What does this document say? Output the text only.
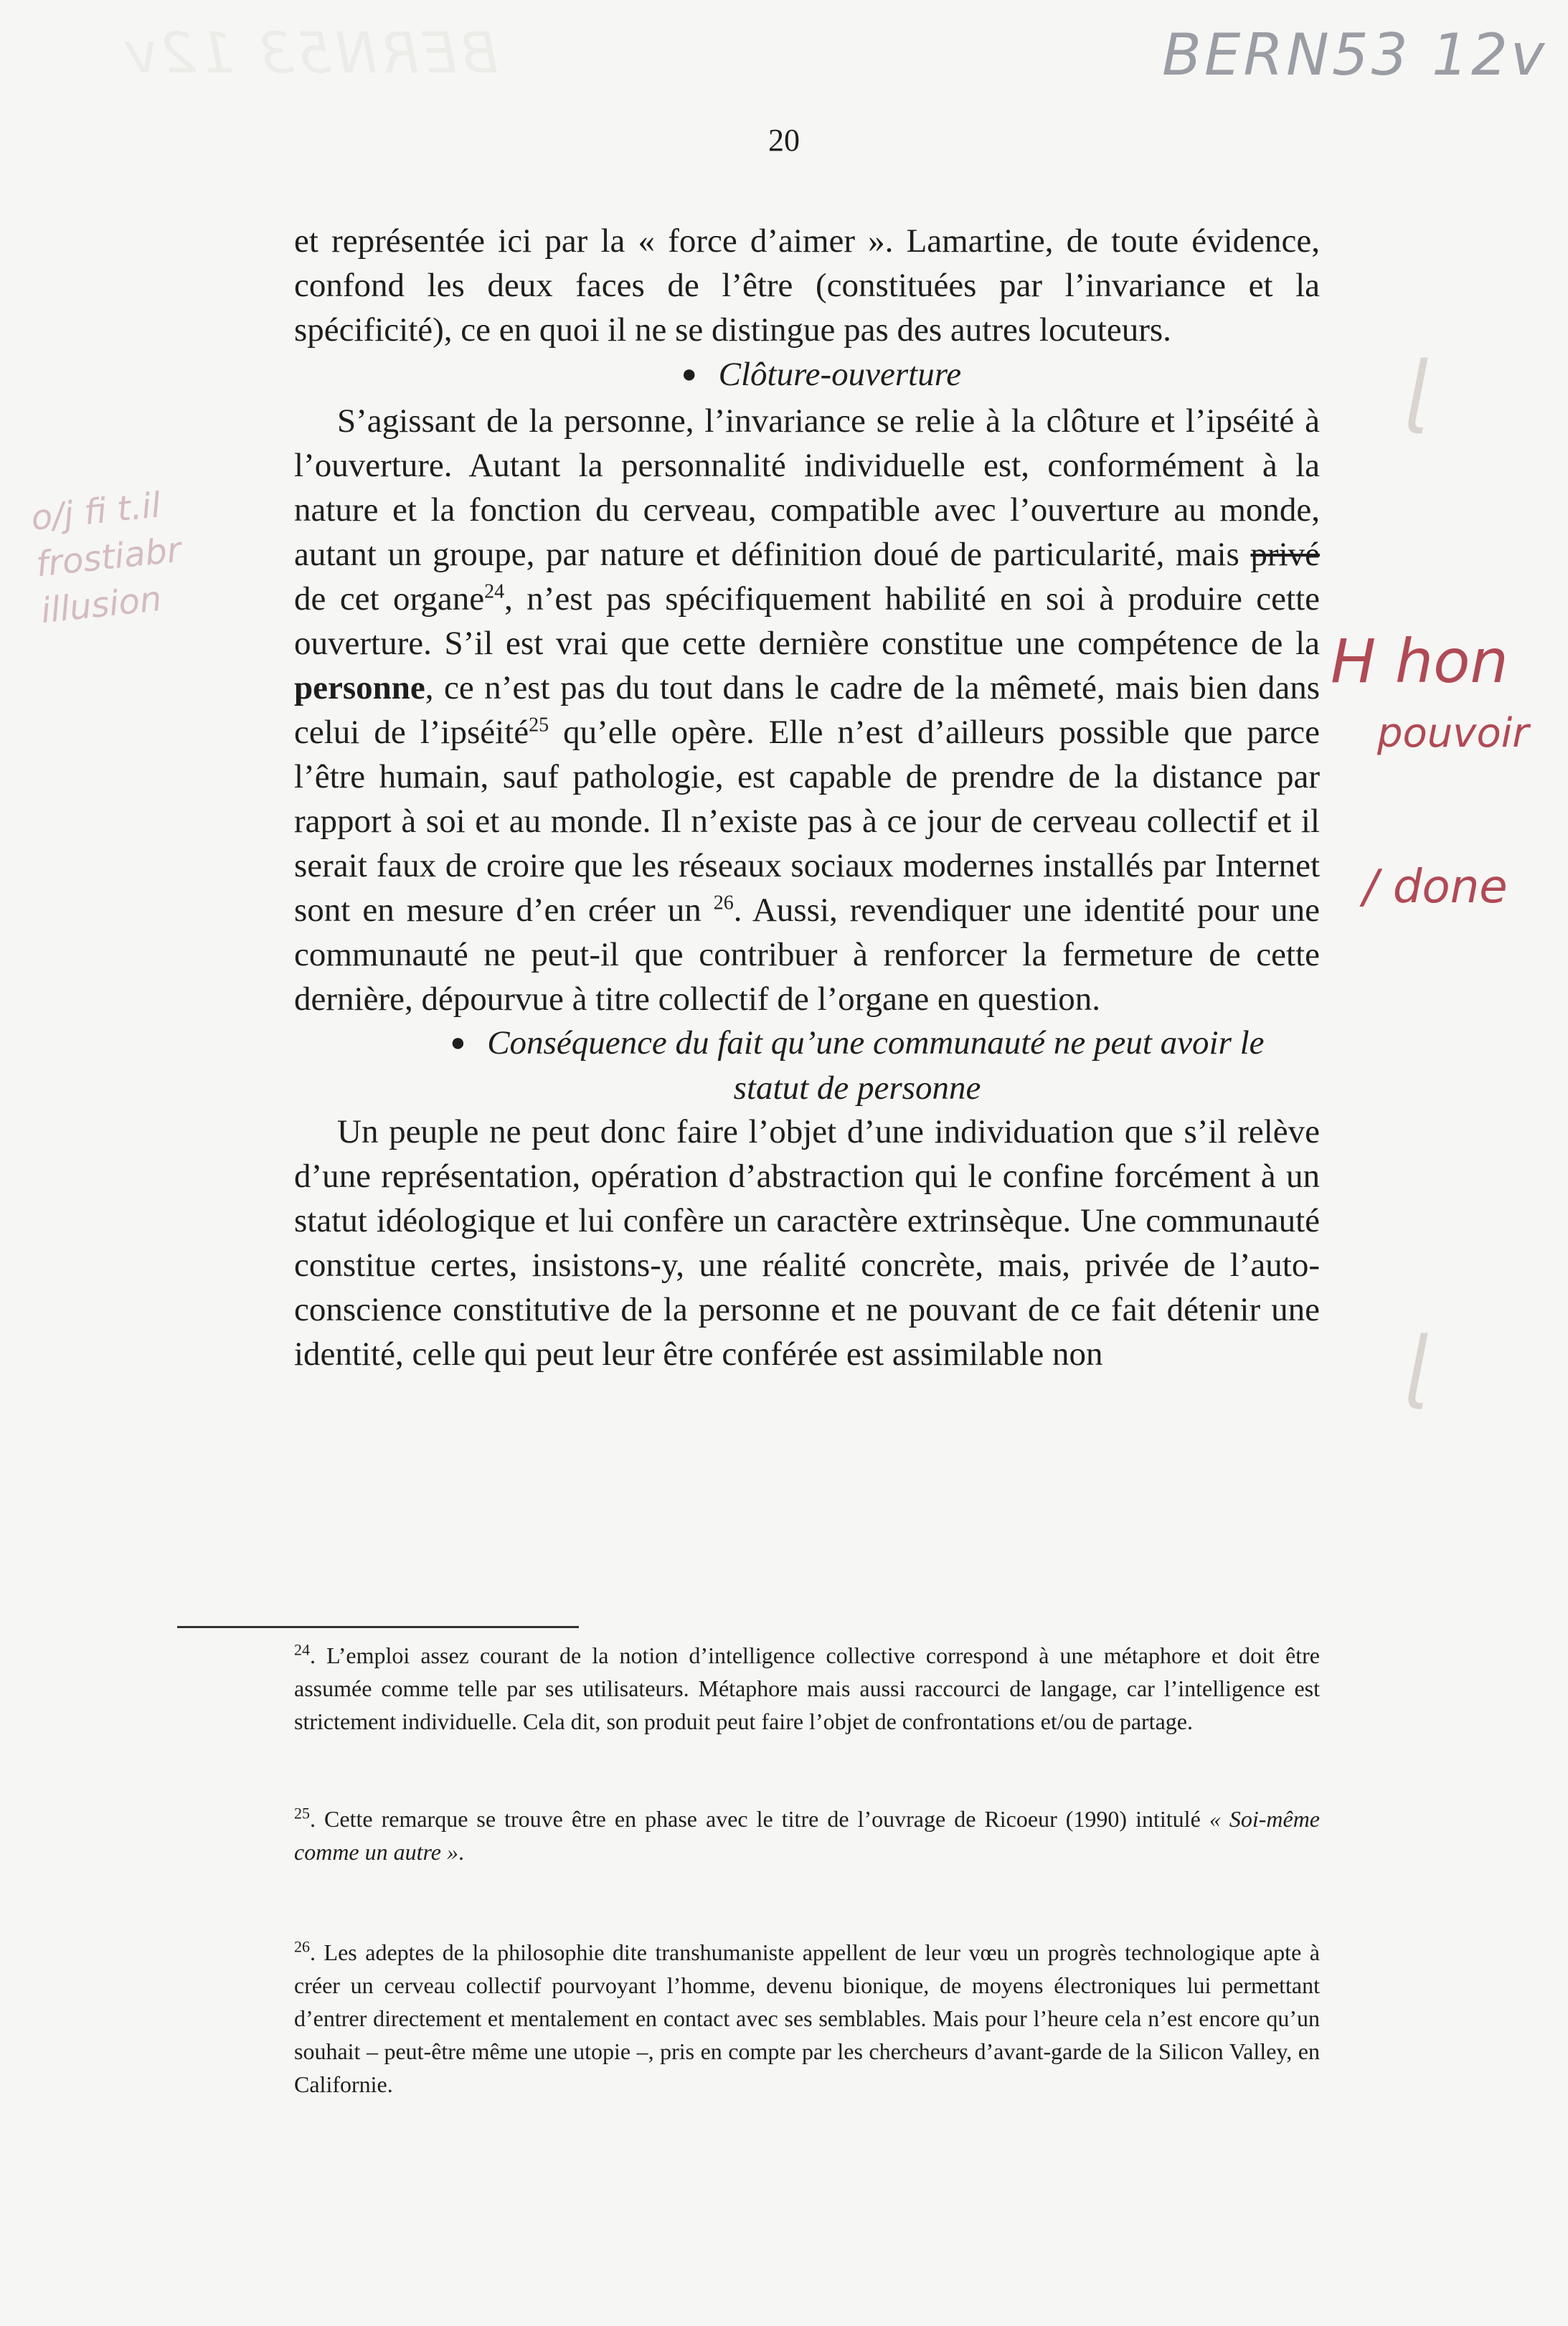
BERN53 12v	BERN53 12v
20
o/j fi t.il
frostiabr
illusion
ɭ
ɭ
H hon
pouvoir
/ done

et représentée ici par la « force d’aimer ». Lamartine, de toute évidence, confond les deux faces de l’être (constituées par l’invariance et la spécificité), ce en quoi il ne se distingue pas des autres locuteurs.

● Clôture-ouverture

S’agissant de la personne, l’invariance se relie à la clôture et l’ipséité à l’ouverture. Autant la personnalité individuelle est, conformément à la nature et la fonction du cerveau, compatible avec l’ouverture au monde, autant un groupe, par nature et définition doué de particularité, mais privé de cet organe$^{24}$, n’est pas spécifiquement habilité en soi à produire cette ouverture. S’il est vrai que cette dernière constitue une compétence de la personne, ce n’est pas du tout dans le cadre de la mêmeté, mais bien dans celui de l’ipséité$^{25}$ qu’elle opère. Elle n’est d’ailleurs possible que parce l’être humain, sauf pathologie, est capable de prendre de la distance par rapport à soi et au monde. Il n’existe pas à ce jour de cerveau collectif et il serait faux de croire que les réseaux sociaux modernes installés par Internet sont en mesure d’en créer un $^{26}$. Aussi, revendiquer une identité pour une communauté ne peut-il que contribuer à renforcer la fermeture de cette dernière, dépourvue à titre collectif de l’organe en question.

● Conséquence du fait qu’une communauté ne peut avoir le statut de personne

Un peuple ne peut donc faire l’objet d’une individuation que s’il relève d’une représentation, opération d’abstraction qui le confine forcément à un statut idéologique et lui confère un caractère extrinsèque. Une communauté constitue certes, insistons-y, une réalité concrète, mais, privée de l’auto-conscience constitutive de la personne et ne pouvant de ce fait détenir une identité, celle qui peut leur être conférée est assimilable non

$^{24}$. L’emploi assez courant de la notion d’intelligence collective correspond à une métaphore et doit être assumée comme telle par ses utilisateurs. Métaphore mais aussi raccourci de langage, car l’intelligence est strictement individuelle. Cela dit, son produit peut faire l’objet de confrontations et/ou de partage.

$^{25}$. Cette remarque se trouve être en phase avec le titre de l’ouvrage de Ricoeur (1990) intitulé « Soi-même comme un autre ».

$^{26}$. Les adeptes de la philosophie dite transhumaniste appellent de leur vœu un progrès technologique apte à créer un cerveau collectif pourvoyant l’homme, devenu bionique, de moyens électroniques lui permettant d’entrer directement et mentalement en contact avec ses semblables. Mais pour l’heure cela n’est encore qu’un souhait – peut-être même une utopie –, pris en compte par les chercheurs d’avant-garde de la Silicon Valley, en Californie.
